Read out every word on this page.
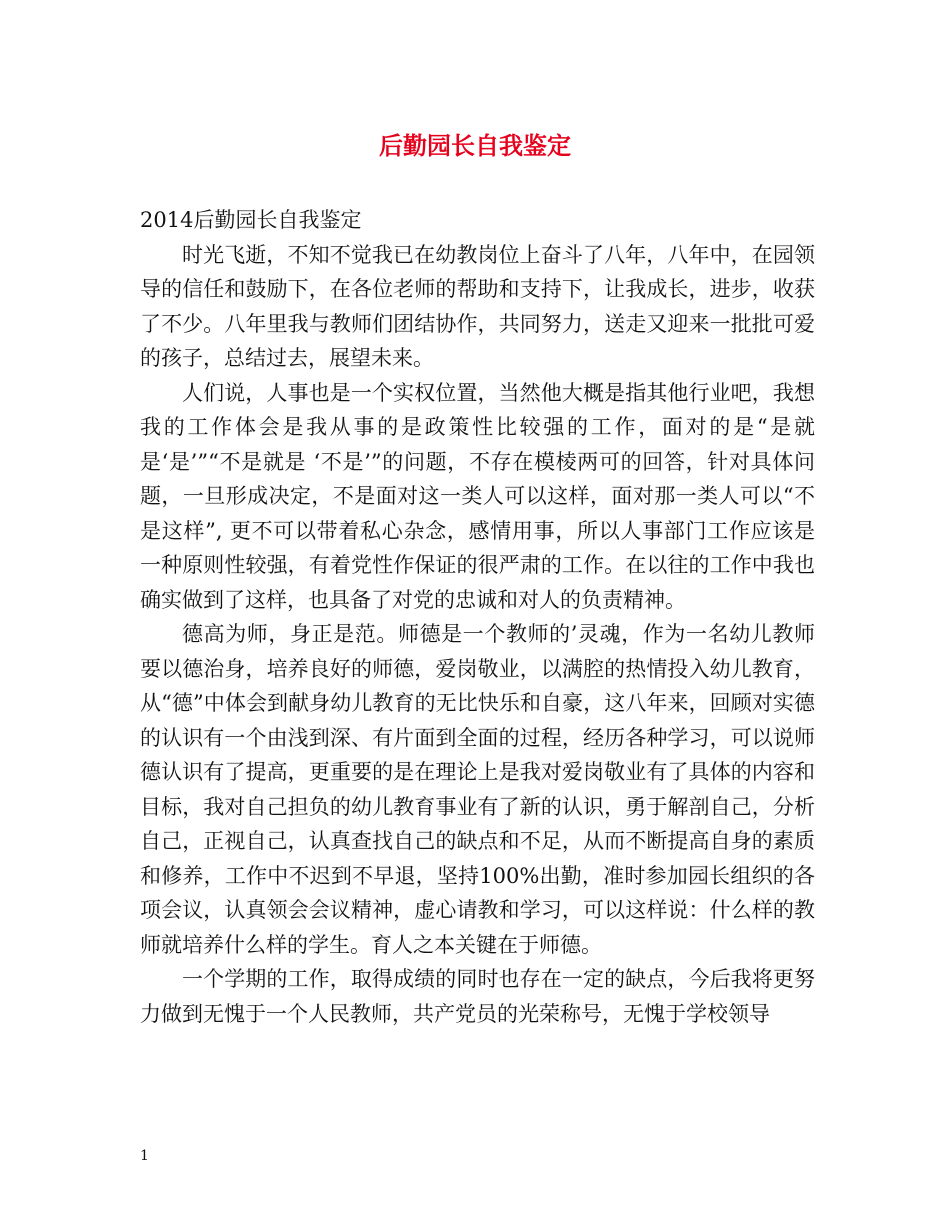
后勤园长自我鉴定

2014后勤园长自我鉴定

时光飞逝，不知不觉我已在幼教岗位上奋斗了八年，八年中，在园领导的信任和鼓励下，在各位老师的帮助和支持下，让我成长，进步，收获了不少。八年里我与教师们团结协作，共同努力，送走又迎来一批批可爱的孩子，总结过去，展望未来。

人们说，人事也是一个实权位置，当然他大概是指其他行业吧，我想我的工作体会是我从事的是政策性比较强的工作，面对的是“是就是‘是’”“不是就是 ‘不是’”的问题，不存在模棱两可的回答，针对具体问题，一旦形成决定，不是面对这一类人可以这样，面对那一类人可以“不是这样”, 更不可以带着私心杂念，感情用事，所以人事部门工作应该是一种原则性较强，有着党性作保证的很严肃的工作。在以往的工作中我也确实做到了这样，也具备了对党的忠诚和对人的负责精神。

德高为师，身正是范。师德是一个教师的’灵魂，作为一名幼儿教师要以德治身，培养良好的师德，爱岗敬业，以满腔的热情投入幼儿教育，从“德”中体会到献身幼儿教育的无比快乐和自豪，这八年来，回顾对实德的认识有一个由浅到深、有片面到全面的过程，经历各种学习，可以说师德认识有了提高，更重要的是在理论上是我对爱岗敬业有了具体的内容和目标，我对自己担负的幼儿教育事业有了新的认识，勇于解剖自己，分析自己，正视自己，认真查找自己的缺点和不足，从而不断提高自身的素质和修养，工作中不迟到不早退，坚持100%出勤，准时参加园长组织的各项会议，认真领会会议精神，虚心请教和学习，可以这样说：什么样的教师就培养什么样的学生。育人之本关键在于师德。

一个学期的工作，取得成绩的同时也存在一定的缺点，今后我将更努力做到无愧于一个人民教师，共产党员的光荣称号，无愧于学校领导

1
